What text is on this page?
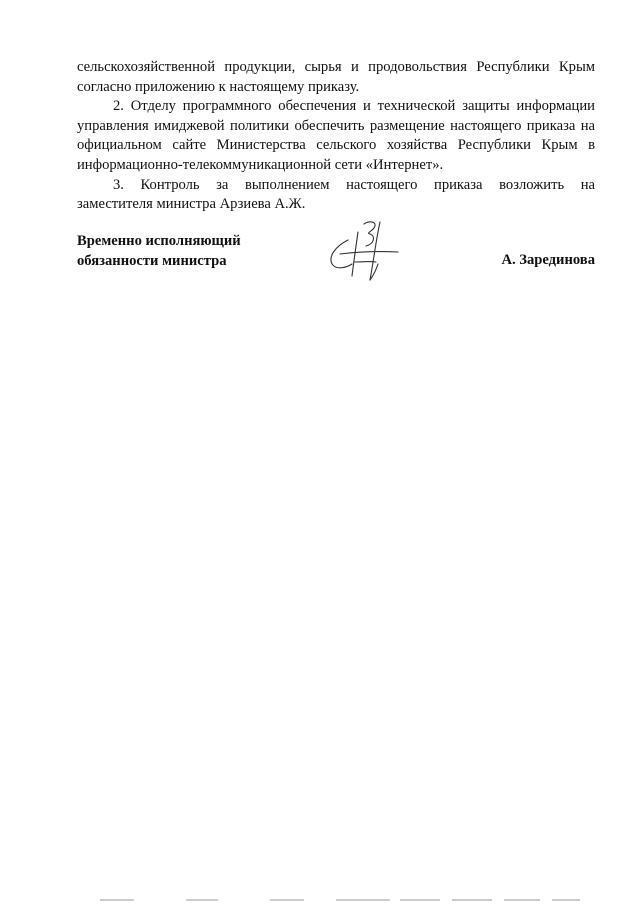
сельскохозяйственной продукции, сырья и продовольствия Республики Крым
согласно приложению к настоящему приказу.
2. Отделу программного обеспечения и технической защиты информации
управления имиджевой политики обеспечить размещение настоящего приказа на
официальном сайте Министерства сельского хозяйства Республики Крым в
информационно-телекоммуникационной сети «Интернет».
3. Контроль за выполнением настоящего приказа возложить на
заместителя министра Арзиева А.Ж.
Временно исполняющий
обязанности министра	А. Зарединова
